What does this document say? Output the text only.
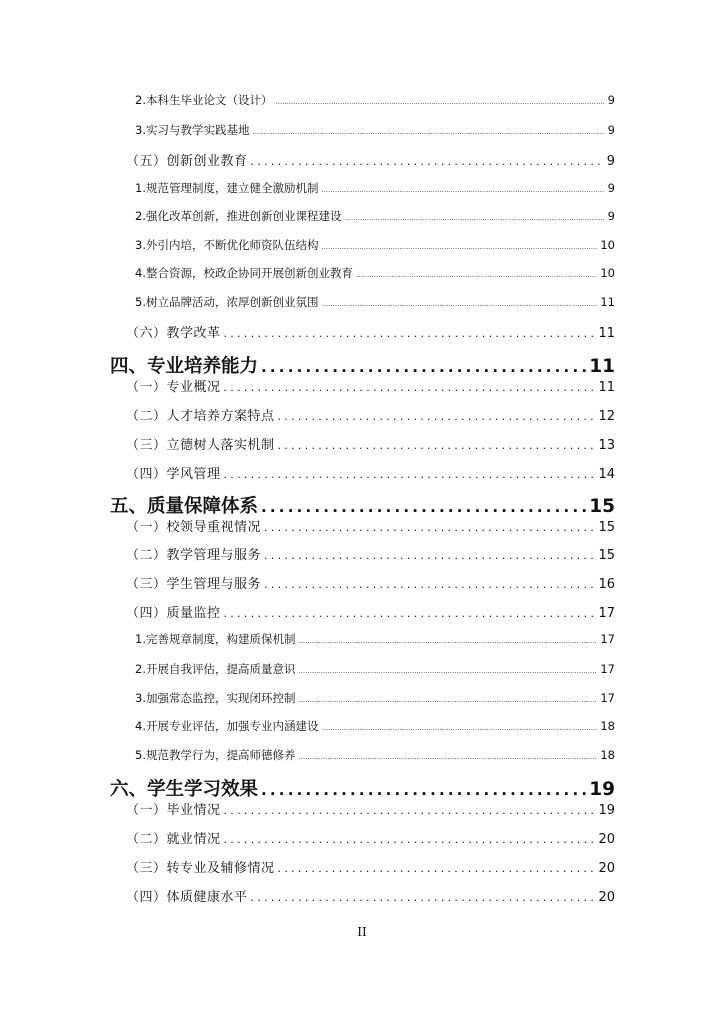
2.本科生毕业论文（设计） .....	9
3.实习与教学实践基地 .....	9
（五）创新创业教育 .....	9
1.规范管理制度，建立健全激励机制 .....	9
2.强化改革创新，推进创新创业课程建设 .....	9
3.外引内培，不断优化师资队伍结构 .....	10
4.整合资源，校政企协同开展创新创业教育 .....	10
5.树立品牌活动，浓厚创新创业氛围 .....	11
（六）教学改革 .....	11
四、专业培养能力 .....	11
（一）专业概况 .....	11
（二）人才培养方案特点 .....	12
（三）立德树人落实机制 .....	13
（四）学风管理 .....	14
五、质量保障体系 .....	15
（一）校领导重视情况 .....	15
（二）教学管理与服务 .....	15
（三）学生管理与服务 .....	16
（四）质量监控 .....	17
1.完善规章制度，构建质保机制 .....	17
2.开展自我评估，提高质量意识 .....	17
3.加强常态监控，实现闭环控制 .....	17
4.开展专业评估，加强专业内涵建设 .....	18
5.规范教学行为，提高师德修养 .....	18
六、学生学习效果 .....	19
（一）毕业情况 .....	19
（二）就业情况 .....	20
（三）转专业及辅修情况 .....	20
（四）体质健康水平 .....	20
II
